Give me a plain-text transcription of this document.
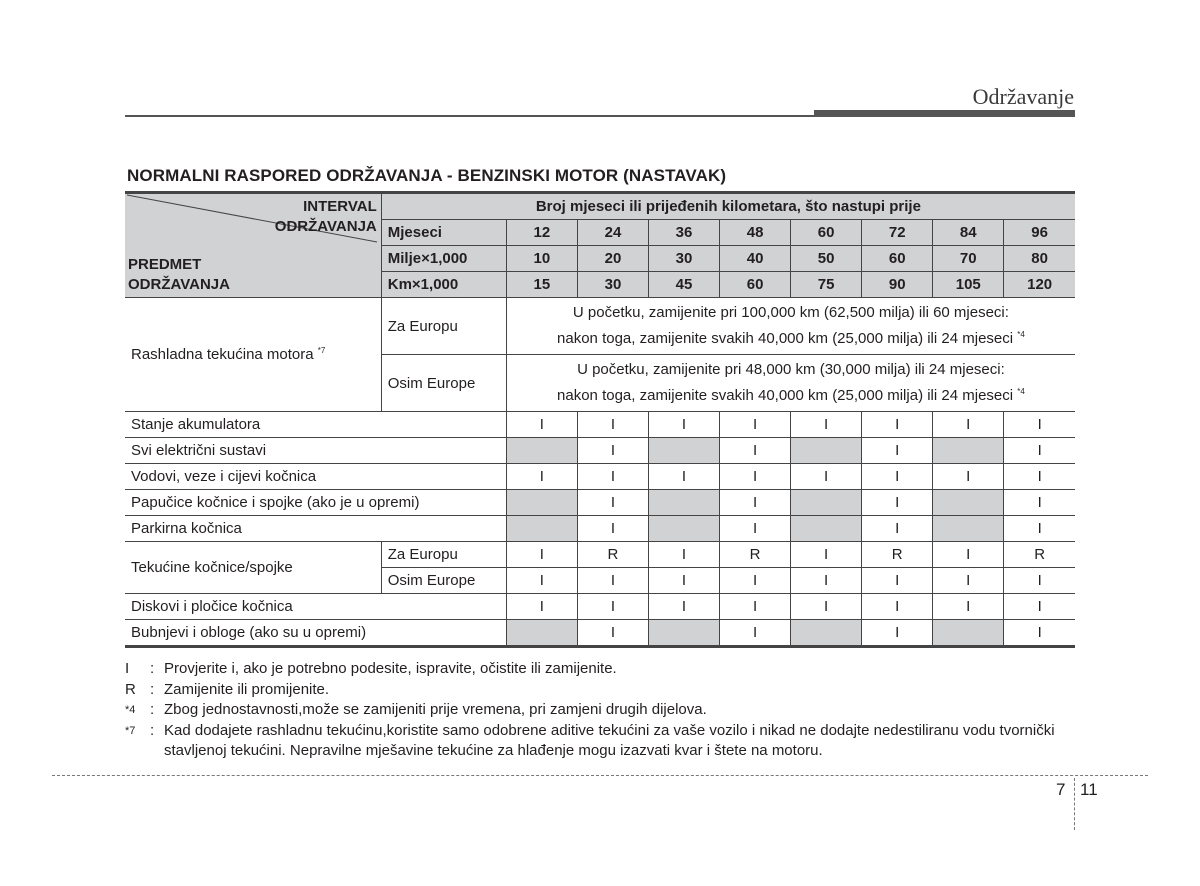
Održavanje
NORMALNI RASPORED ODRŽAVANJA - BENZINSKI MOTOR (NASTAVAK)
INTERVAL
ODRŽAVANJA
PREDMET
ODRŽAVANJA	Broj mjeseci ili prijeđenih kilometara, što nastupi prije								
	Mjeseci	12	24	36	48	60	72	84	96
	Milje×1,000	10	20	30	40	50	60	70	80
	Km×1,000	15	30	45	60	75	90	105	120
Rashladna tekućina motora $^{*7}$	Za Europu	U početku, zamijenite pri 100,000 km (62,500 milja) ili 60 mjeseci:
nakon toga, zamijenite svakih 40,000 km (25,000 milja) ili 24 mjeseci $^{*4}$

	Osim Europe	U početku, zamijenite pri 48,000 km (30,000 milja) ili 24 mjeseci:
nakon toga, zamijenite svakih 40,000 km (25,000 milja) ili 24 mjeseci $^{*4}$

Stanje akumulatora		I	I	I	I	I	I	I	I
Svi električni sustavi			I		I		I		I
Vodovi, veze i cijevi kočnica		I	I	I	I	I	I	I	I
Papučice kočnice i spojke (ako je u opremi)			I		I		I		I
Parkirna kočnica			I		I		I		I
Tekućine kočnice/spojke	Za Europu	I	R	I	R	I	R	I	R
	Osim Europe	I	I	I	I	I	I	I	I
Diskovi i pločice kočnica		I	I	I	I	I	I	I	I
Bubnjevi i obloge (ako su u opremi)			I		I		I		I
I	: Provjerite i, ako je potrebno podesite, ispravite, očistite ili zamijenite.
R : Zamijenite ili promijenite.
*4 : Zbog jednostavnosti,može se zamijeniti prije vremena, pri zamjeni drugih dijelova.
*7 : Kad dodajete rashladnu tekućinu,koristite samo odobrene aditive tekućini za vaše vozilo i nikad ne dodajte nedestiliranu vodu tvornički stavljenoj tekućini. Nepravilne mješavine tekućine za hlađenje mogu izazvati kvar i štete na motoru.
7 11
